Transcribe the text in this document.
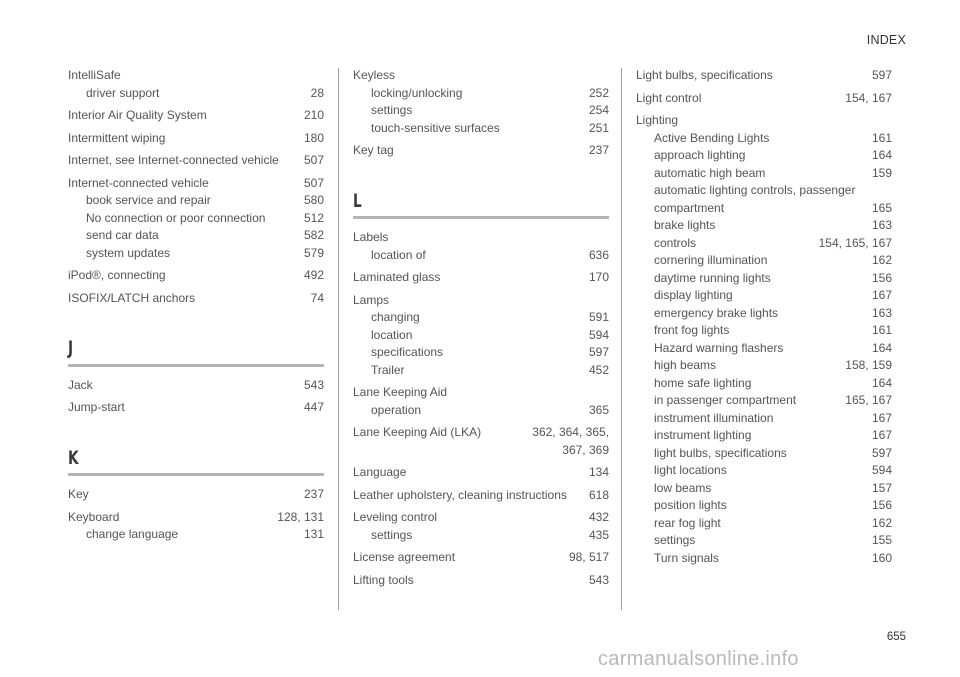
INDEX
IntelliSafe
driver support	28
Interior Air Quality System	210
Intermittent wiping	180
Internet, see Internet-connected vehicle	507
Internet-connected vehicle	507
book service and repair	580
No connection or poor connection	512
send car data	582
system updates	579
iPod®, connecting	492
ISOFIX/LATCH anchors	74
J
Jack	543
Jump-start	447
K
Key	237
Keyboard	128, 131
change language	131
Keyless
locking/unlocking	252
settings	254
touch-sensitive surfaces	251
Key tag	237
L
Labels
location of	636
Laminated glass	170
Lamps
changing	591
location	594
specifications	597
Trailer	452
Lane Keeping Aid
operation	365
Lane Keeping Aid (LKA)	362, 364, 365,
367, 369
Language	134
Leather upholstery, cleaning instructions	618
Leveling control	432
settings	435
License agreement	98, 517
Lifting tools	543
Light bulbs, specifications	597
Light control	154, 167
Lighting
Active Bending Lights	161
approach lighting	164
automatic high beam	159
automatic lighting controls, passenger
compartment	165
brake lights	163
controls	154, 165, 167
cornering illumination	162
daytime running lights	156
display lighting	167
emergency brake lights	163
front fog lights	161
Hazard warning flashers	164
high beams	158, 159
home safe lighting	164
in passenger compartment	165, 167
instrument illumination	167
instrument lighting	167
light bulbs, specifications	597
light locations	594
low beams	157
position lights	156
rear fog light	162
settings	155
Turn signals	160
655
carmanualsonline.info
